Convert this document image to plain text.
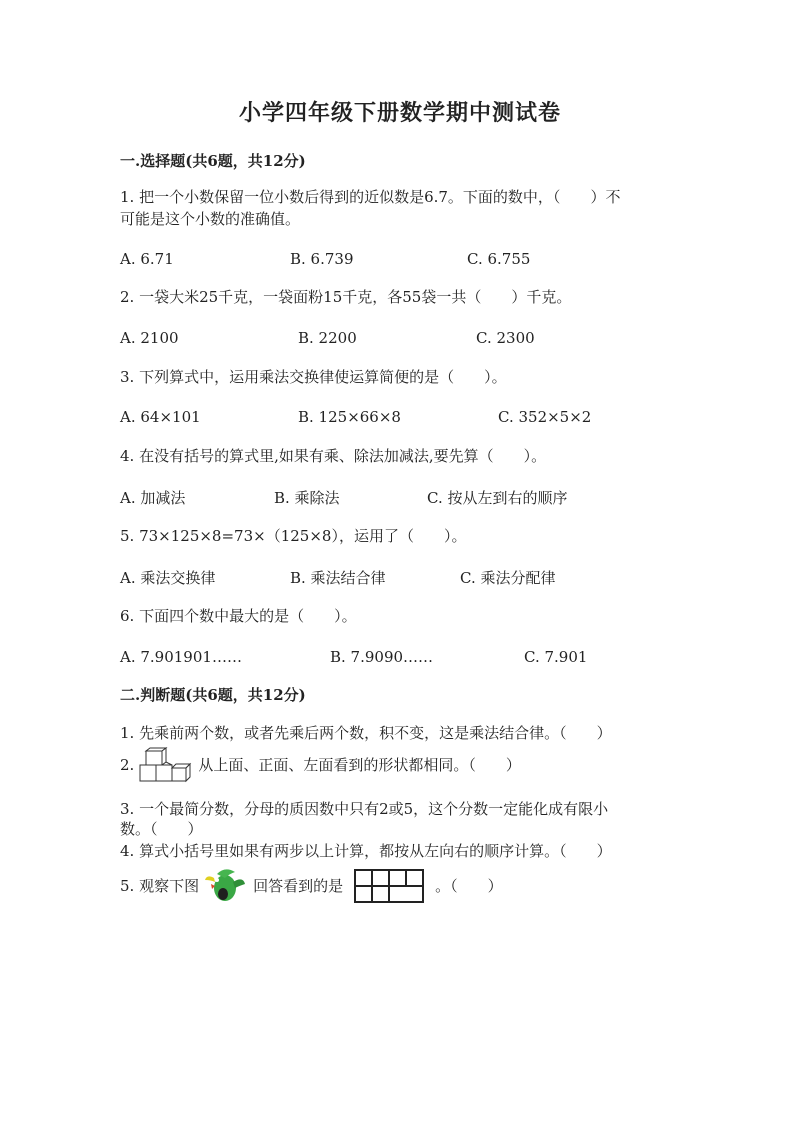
小学四年级下册数学期中测试卷
一.选择题(共6题，共12分)
1. 把一个小数保留一位小数后得到的近似数是6.7。下面的数中，（　　）不
可能是这个小数的准确值。
A. 6.71	B. 6.739	C. 6.755
2. 一袋大米25千克，一袋面粉15千克，各55袋一共（　　）千克。
A. 2100	B. 2200	C. 2300
3. 下列算式中，运用乘法交换律使运算简便的是（　　）。
A. 64×101	B. 125×66×8	C. 352×5×2
4. 在没有括号的算式里,如果有乘、除法加减法,要先算（　　）。
A. 加减法	B. 乘除法	C. 按从左到右的顺序
5. 73×125×8=73×（125×8），运用了（　　）。
A. 乘法交换律	B. 乘法结合律	C. 乘法分配律
6. 下面四个数中最大的是（　　）。
A. 7.901901……	B. 7.9090……	C. 7.901
二.判断题(共6题，共12分)
1. 先乘前两个数，或者先乘后两个数，积不变，这是乘法结合律。（　　）
2.	从上面、正面、左面看到的形状都相同。（　　）
3. 一个最简分数，分母的质因数中只有2或5，这个分数一定能化成有限小
数。（　　）
4. 算式小括号里如果有两步以上计算，都按从左向右的顺序计算。（　　）
5. 观察下图	回答看到的是	。（　　）
